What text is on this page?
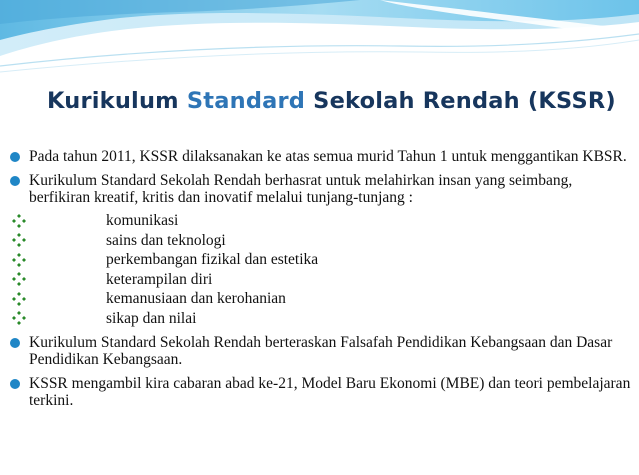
Kurikulum Standard Sekolah Rendah (KSSR)
Pada tahun 2011, KSSR dilaksanakan ke atas semua murid Tahun 1 untuk menggantikan KBSR.
Kurikulum Standard Sekolah Rendah berhasrat untuk melahirkan insan yang seimbang, berfikiran kreatif, kritis dan inovatif melalui tunjang-tunjang :
komunikasi
sains dan teknologi
perkembangan fizikal dan estetika
keterampilan diri
kemanusiaan dan kerohanian
sikap dan nilai
Kurikulum Standard Sekolah Rendah berteraskan Falsafah Pendidikan Kebangsaan dan Dasar Pendidikan Kebangsaan.
KSSR mengambil kira cabaran abad ke-21, Model Baru Ekonomi (MBE) dan teori pembelajaran terkini.
